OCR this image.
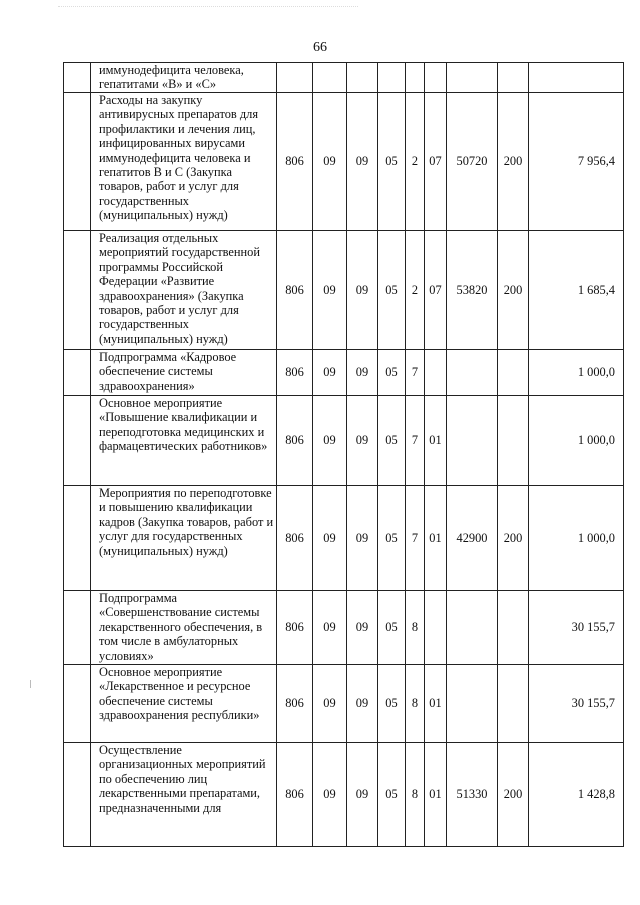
66
	иммунодефицита человека, гепатитами «В» и «С»									
	Расходы на закупку антивирусных препаратов для профилактики и лечения лиц, инфицированных вирусами иммунодефицита человека и гепатитов В и С (Закупка товаров, работ и услуг для государственных (муниципальных) нужд)	806	09	09	05	2	07	50720	200	7 956,4
	Реализация отдельных мероприятий государственной программы Российской Федерации «Развитие здравоохранения» (Закупка товаров, работ и услуг для государственных (муниципальных) нужд)	806	09	09	05	2	07	53820	200	1 685,4
	Подпрограмма «Кадровое обеспечение системы здравоохранения»	806	09	09	05	7				1 000,0
	Основное мероприятие «Повышение квалификации и переподготовка медицинских и фармацевтических работников»	806	09	09	05	7	01			1 000,0
	Мероприятия по переподготовке и повышению квалификации кадров (Закупка товаров, работ и услуг для государственных (муниципальных) нужд)	806	09	09	05	7	01	42900	200	1 000,0
	Подпрограмма «Совершенствование системы лекарственного обеспечения, в том числе в амбулаторных условиях»	806	09	09	05	8				30 155,7
	Основное мероприятие «Лекарственное и ресурсное обеспечение системы здравоохранения республики»	806	09	09	05	8	01			30 155,7
	Осуществление организационных мероприятий по обеспечению лиц лекарственными препаратами, предназначенными для	806	09	09	05	8	01	51330	200	1 428,8
